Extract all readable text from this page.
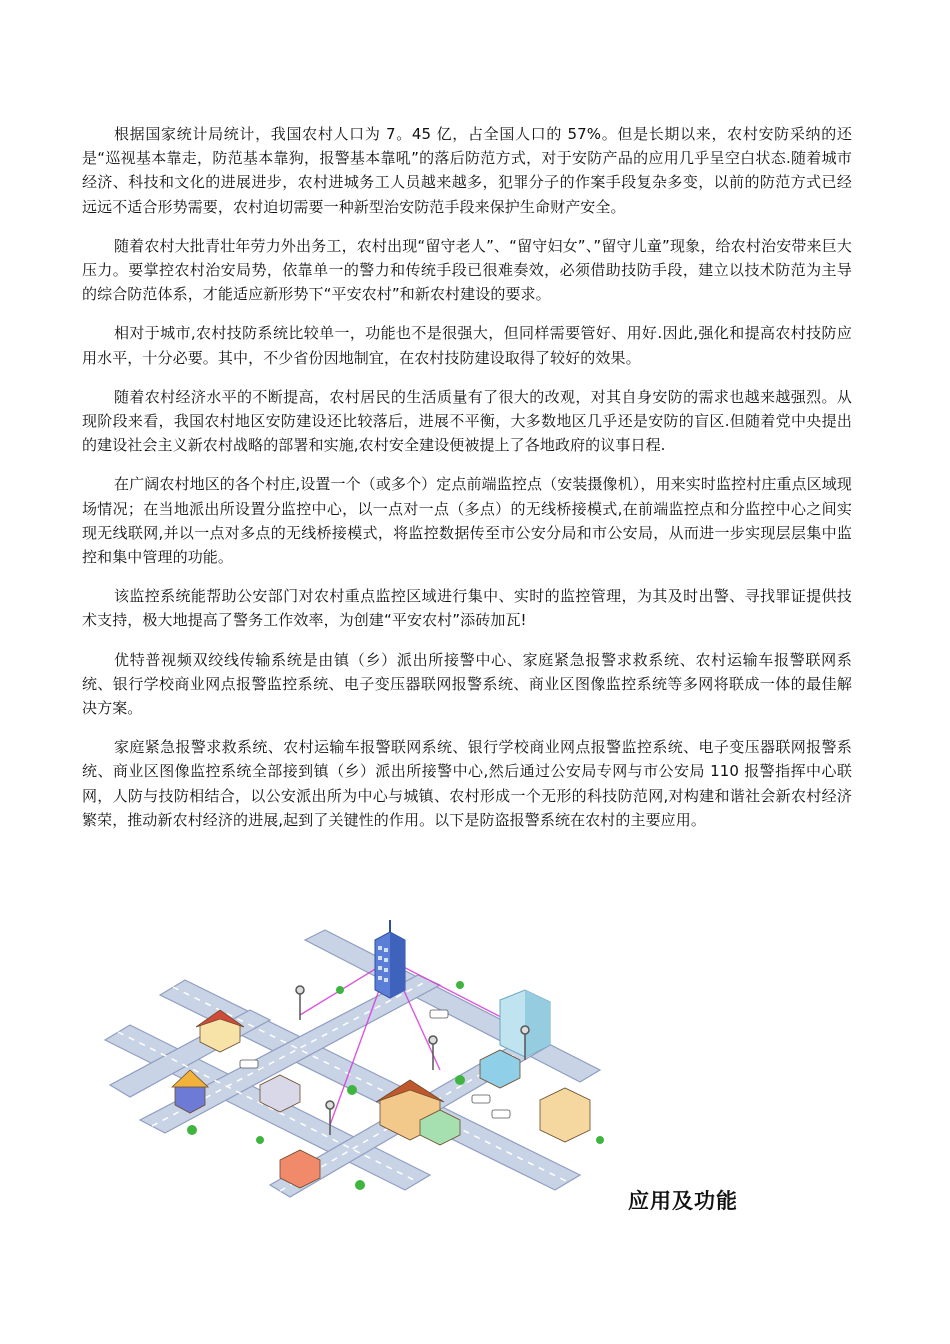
根据国家统计局统计，我国农村人口为 7。45 亿，占全国人口的 57%。但是长期以来，农村安防采纳的还是“巡视基本靠走，防范基本靠狗，报警基本靠吼”的落后防范方式，对于安防产品的应用几乎呈空白状态.随着城市经济、科技和文化的进展进步，农村进城务工人员越来越多，犯罪分子的作案手段复杂多变，以前的防范方式已经远远不适合形势需要，农村迫切需要一种新型治安防范手段来保护生命财产安全。

随着农村大批青壮年劳力外出务工，农村出现“留守老人”、“留守妇女”、”留守儿童”现象，给农村治安带来巨大压力。要掌控农村治安局势，依靠单一的警力和传统手段已很难奏效，必须借助技防手段，建立以技术防范为主导的综合防范体系，才能适应新形势下“平安农村”和新农村建设的要求。

相对于城市,农村技防系统比较单一，功能也不是很强大，但同样需要管好、用好.因此,强化和提高农村技防应用水平，十分必要。其中，不少省份因地制宜，在农村技防建设取得了较好的效果。

随着农村经济水平的不断提高，农村居民的生活质量有了很大的改观，对其自身安防的需求也越来越强烈。从现阶段来看，我国农村地区安防建设还比较落后，进展不平衡，大多数地区几乎还是安防的盲区.但随着党中央提出的建设社会主义新农村战略的部署和实施,农村安全建设便被提上了各地政府的议事日程.

在广阔农村地区的各个村庄,设置一个（或多个）定点前端监控点（安装摄像机），用来实时监控村庄重点区域现场情况；在当地派出所设置分监控中心，以一点对一点（多点）的无线桥接模式,在前端监控点和分监控中心之间实现无线联网,并以一点对多点的无线桥接模式，将监控数据传至市公安分局和市公安局，从而进一步实现层层集中监控和集中管理的功能。

该监控系统能帮助公安部门对农村重点监控区域进行集中、实时的监控管理，为其及时出警、寻找罪证提供技术支持，极大地提高了警务工作效率，为创建“平安农村”添砖加瓦!

优特普视频双绞线传输系统是由镇（乡）派出所接警中心、家庭紧急报警求救系统、农村运输车报警联网系统、银行学校商业网点报警监控系统、电子变压器联网报警系统、商业区图像监控系统等多网将联成一体的最佳解决方案。

家庭紧急报警求救系统、农村运输车报警联网系统、银行学校商业网点报警监控系统、电子变压器联网报警系统、商业区图像监控系统全部接到镇（乡）派出所接警中心,然后通过公安局专网与市公安局 110 报警指挥中心联网，人防与技防相结合，以公安派出所为中心与城镇、农村形成一个无形的科技防范网,对构建和谐社会新农村经济繁荣，推动新农村经济的进展,起到了关键性的作用。以下是防盗报警系统在农村的主要应用。

应用及功能
